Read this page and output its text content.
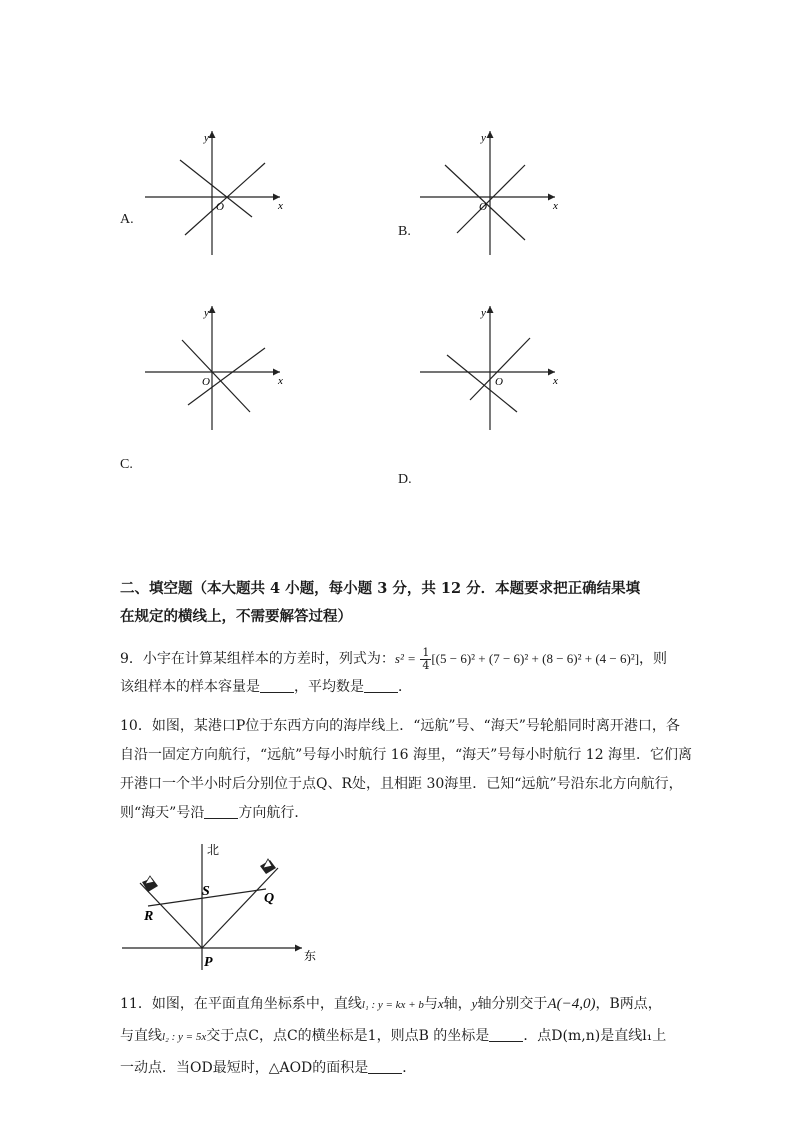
x
y
O
A.
x
y
O
B.
x
y
O
C.
x
y
O
D.
二、填空题（本大题共 4 小题，每小题 3 分，共 12 分．本题要求把正确结果填
在规定的横线上，不需要解答过程）
9．小宇在计算某组样本的方差时，列式为：$s^2 = \frac{1}{4} [(5 - 6)^2 + (7 - 6)^2 + (8 - 6)^2 + (4 - 6)^2]$，则
该组样本的样本容量是 ，平均数是 ．
10．如图，某港口P位于东西方向的海岸线上．“远航”号、“海天”号轮船同时离开港口，各
自沿一固定方向航行，“远航”号每小时航行 16 海里，“海天”号每小时航行 12 海里．它们离
开港口一个半小时后分别位于点Q、R处，且相距 30海里．已知“远航”号沿东北方向航行，
则“海天”号沿 方向航行．
北
东
P
Q
R
S
11．如图，在平面直角坐标系中，直线l₁ : y = kx + b与x轴，y轴分别交于A(−4,0)，B两点，
与直线l₂ : y = 5x交于点C，点C的横坐标是1，则点B 的坐标是 ．点D(m,n)是直线l₁上
一动点．当OD最短时，△AOD的面积是 ．
